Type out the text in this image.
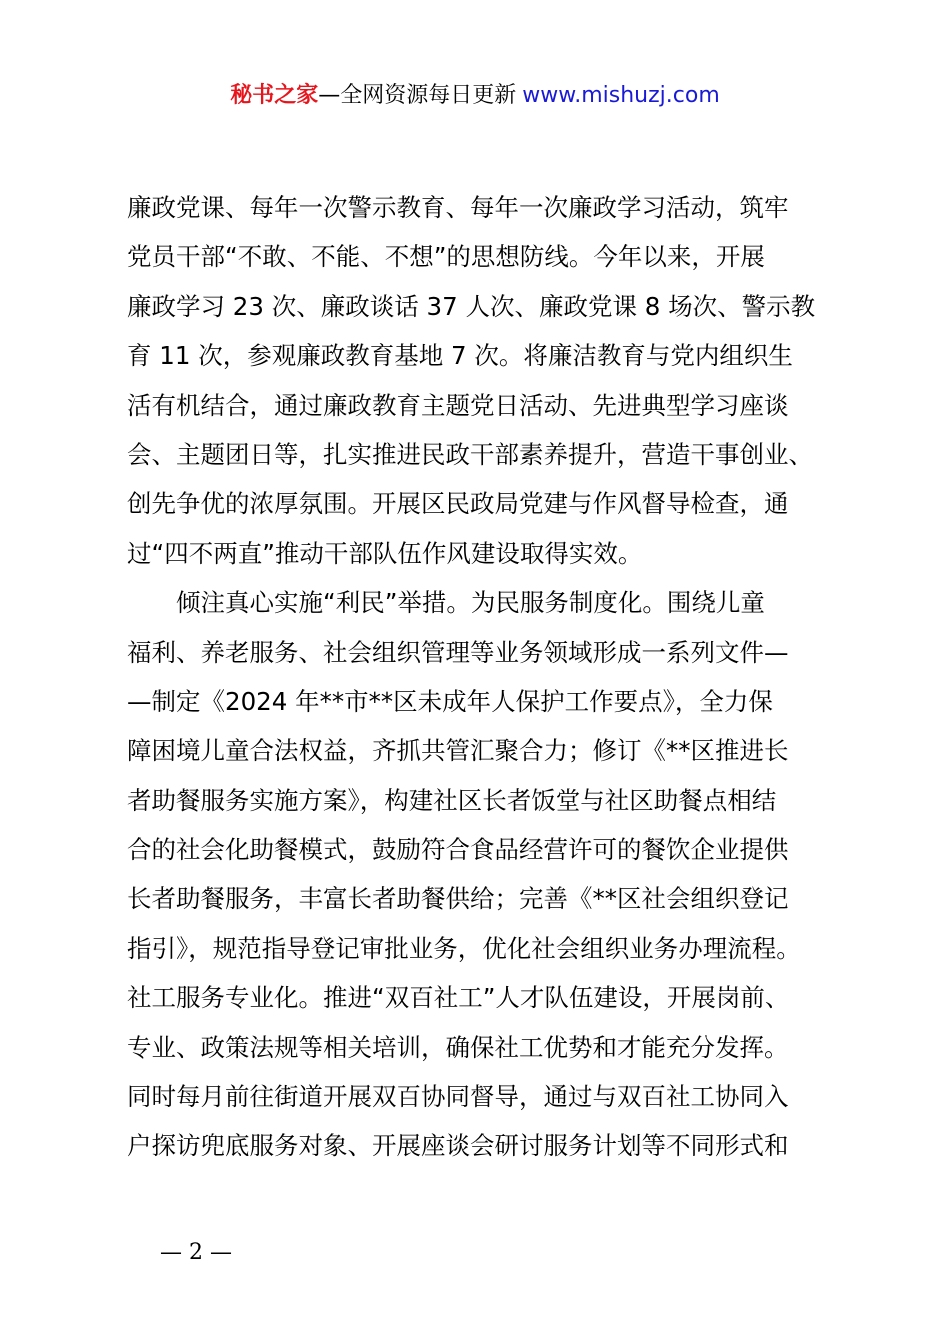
秘书之家—全网资源每日更新 www.mishuzj.com
廉政党课、每年一次警示教育、每年一次廉政学习活动，筑牢
党员干部“不敢、不能、不想”的思想防线。今年以来，开展
廉政学习 23 次、廉政谈话 37 人次、廉政党课 8 场次、警示教
育 11 次，参观廉政教育基地 7 次。将廉洁教育与党内组织生
活有机结合，通过廉政教育主题党日活动、先进典型学习座谈
会、主题团日等，扎实推进民政干部素养提升，营造干事创业、
创先争优的浓厚氛围。开展区民政局党建与作风督导检查，通
过“四不两直”推动干部队伍作风建设取得实效。
　　倾注真心实施“利民”举措。为民服务制度化。围绕儿童
福利、养老服务、社会组织管理等业务领域形成一系列文件—
—制定《2024 年**市**区未成年人保护工作要点》，全力保
障困境儿童合法权益，齐抓共管汇聚合力；修订《**区推进长
者助餐服务实施方案》，构建社区长者饭堂与社区助餐点相结
合的社会化助餐模式，鼓励符合食品经营许可的餐饮企业提供
长者助餐服务，丰富长者助餐供给；完善《**区社会组织登记
指引》，规范指导登记审批业务，优化社会组织业务办理流程。
社工服务专业化。推进“双百社工”人才队伍建设，开展岗前、
专业、政策法规等相关培训，确保社工优势和才能充分发挥。
同时每月前往街道开展双百协同督导，通过与双百社工协同入
户探访兜底服务对象、开展座谈会研讨服务计划等不同形式和
— 2 —
